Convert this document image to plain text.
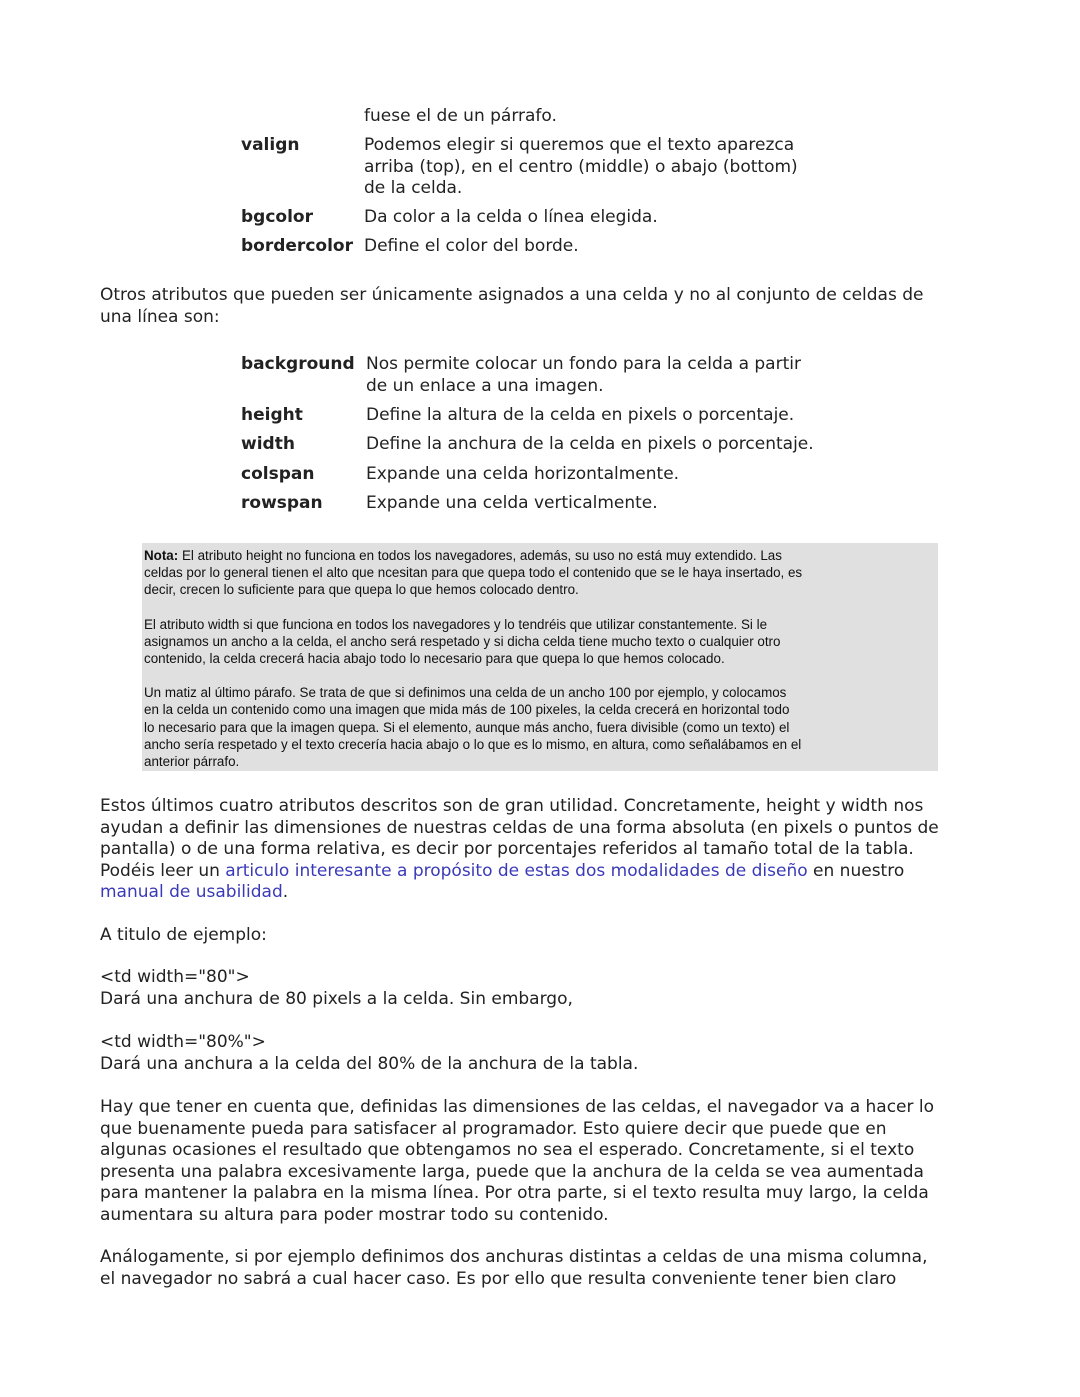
fuese el de un párrafo.
valign	Podemos elegir si queremos que el texto aparezca
arriba (top), en el centro (middle) o abajo (bottom)
de la celda.
bgcolor	Da color a la celda o línea elegida.
bordercolor Define el color del borde.
Otros atributos que pueden ser únicamente asignados a una celda y no al conjunto de celdas de
una línea son:
background Nos permite colocar un fondo para la celda a partir
de un enlace a una imagen.
height	Define la altura de la celda en pixels o porcentaje.
width	Define la anchura de la celda en pixels o porcentaje.
colspan	Expande una celda horizontalmente.
rowspan	Expande una celda verticalmente.

Nota: El atributo height no funciona en todos los navegadores, además, su uso no está muy extendido. Las
celdas por lo general tienen el alto que ncesitan para que quepa todo el contenido que se le haya insertado, es
decir, crecen lo suficiente para que quepa lo que hemos colocado dentro.

El atributo width si que funciona en todos los navegadores y lo tendréis que utilizar constantemente. Si le
asignamos un ancho a la celda, el ancho será respetado y si dicha celda tiene mucho texto o cualquier otro
contenido, la celda crecerá hacia abajo todo lo necesario para que quepa lo que hemos colocado.

Un matiz al último párafo. Se trata de que si definimos una celda de un ancho 100 por ejemplo, y colocamos
en la celda un contenido como una imagen que mida más de 100 pixeles, la celda crecerá en horizontal todo
lo necesario para que la imagen quepa. Si el elemento, aunque más ancho, fuera divisible (como un texto) el
ancho sería respetado y el texto crecería hacia abajo o lo que es lo mismo, en altura, como señalábamos en el
anterior párrafo.

Estos últimos cuatro atributos descritos son de gran utilidad. Concretamente, height y width nos
ayudan a definir las dimensiones de nuestras celdas de una forma absoluta (en pixels o puntos de
pantalla) o de una forma relativa, es decir por porcentajes referidos al tamaño total de la tabla.
Podéis leer un articulo interesante a propósito de estas dos modalidades de diseño en nuestro
manual de usabilidad.
A titulo de ejemplo:
<td width="80">
Dará una anchura de 80 pixels a la celda. Sin embargo,
<td width="80%">
Dará una anchura a la celda del 80% de la anchura de la tabla.
Hay que tener en cuenta que, definidas las dimensiones de las celdas, el navegador va a hacer lo
que buenamente pueda para satisfacer al programador. Esto quiere decir que puede que en
algunas ocasiones el resultado que obtengamos no sea el esperado. Concretamente, si el texto
presenta una palabra excesivamente larga, puede que la anchura de la celda se vea aumentada
para mantener la palabra en la misma línea. Por otra parte, si el texto resulta muy largo, la celda
aumentara su altura para poder mostrar todo su contenido.
Análogamente, si por ejemplo definimos dos anchuras distintas a celdas de una misma columna,
el navegador no sabrá a cual hacer caso. Es por ello que resulta conveniente tener bien claro
